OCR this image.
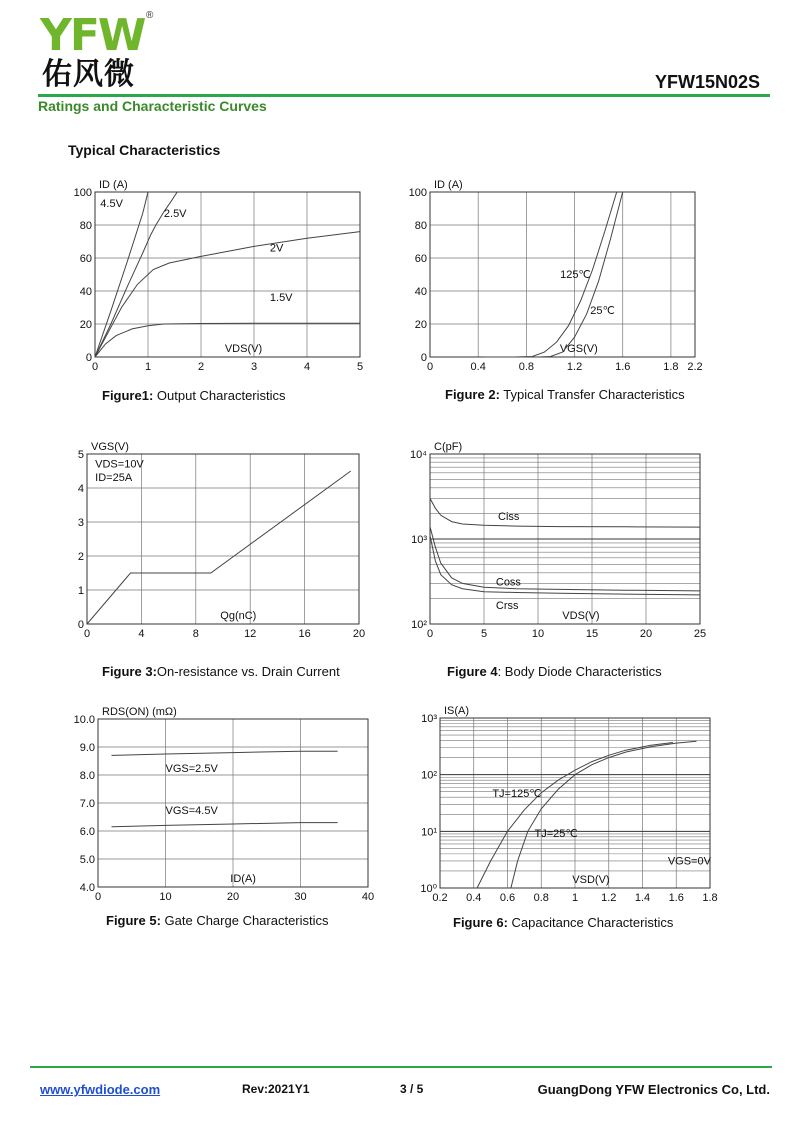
YFW ®
佑风微	YFW15N02S
Ratings and Characteristic Curves
Typical Characteristics
0	1	2	3	4	5
0
20
40
60
80
100
ID (A)
VDS(V)
4.5V
2.5V
2V
1.5V
Figure1: Output Characteristics
0	0.4	0.8	1.2	1.6	1.8 2.2
0
20
40
60
80
100
ID (A)
VGS(V)
125℃
25℃
Figure 2: Typical Transfer Characteristics
0	4	8	12	16	20
0
1
2
3
4
5
VGS(V)
Qg(nC)
VDS=10V
ID=25A
Figure 3:On-resistance vs. Drain Current
0	5	10	15	20	25
10²
10³
10⁴
C(pF)
VDS(V)
Ciss
Coss
Crss
Figure 4: Body Diode Characteristics
0	10	20	30	40
4.0
5.0
6.0
7.0
8.0
9.0
10.0
RDS(ON) (mΩ)
ID(A)
VGS=2.5V
VGS=4.5V
Figure 5: Gate Charge Characteristics
0.2 0.4 0.6 0.8 1 1.2 1.4 1.6 1.8
10⁰
10¹
10²
10³
IS(A)
VSD(V)
TJ=125℃
TJ=25℃
VGS=0V
Figure 6: Capacitance Characteristics
www.yfwdiode.com	Rev:2021Y1	3 / 5	GuangDong YFW Electronics Co, Ltd.
